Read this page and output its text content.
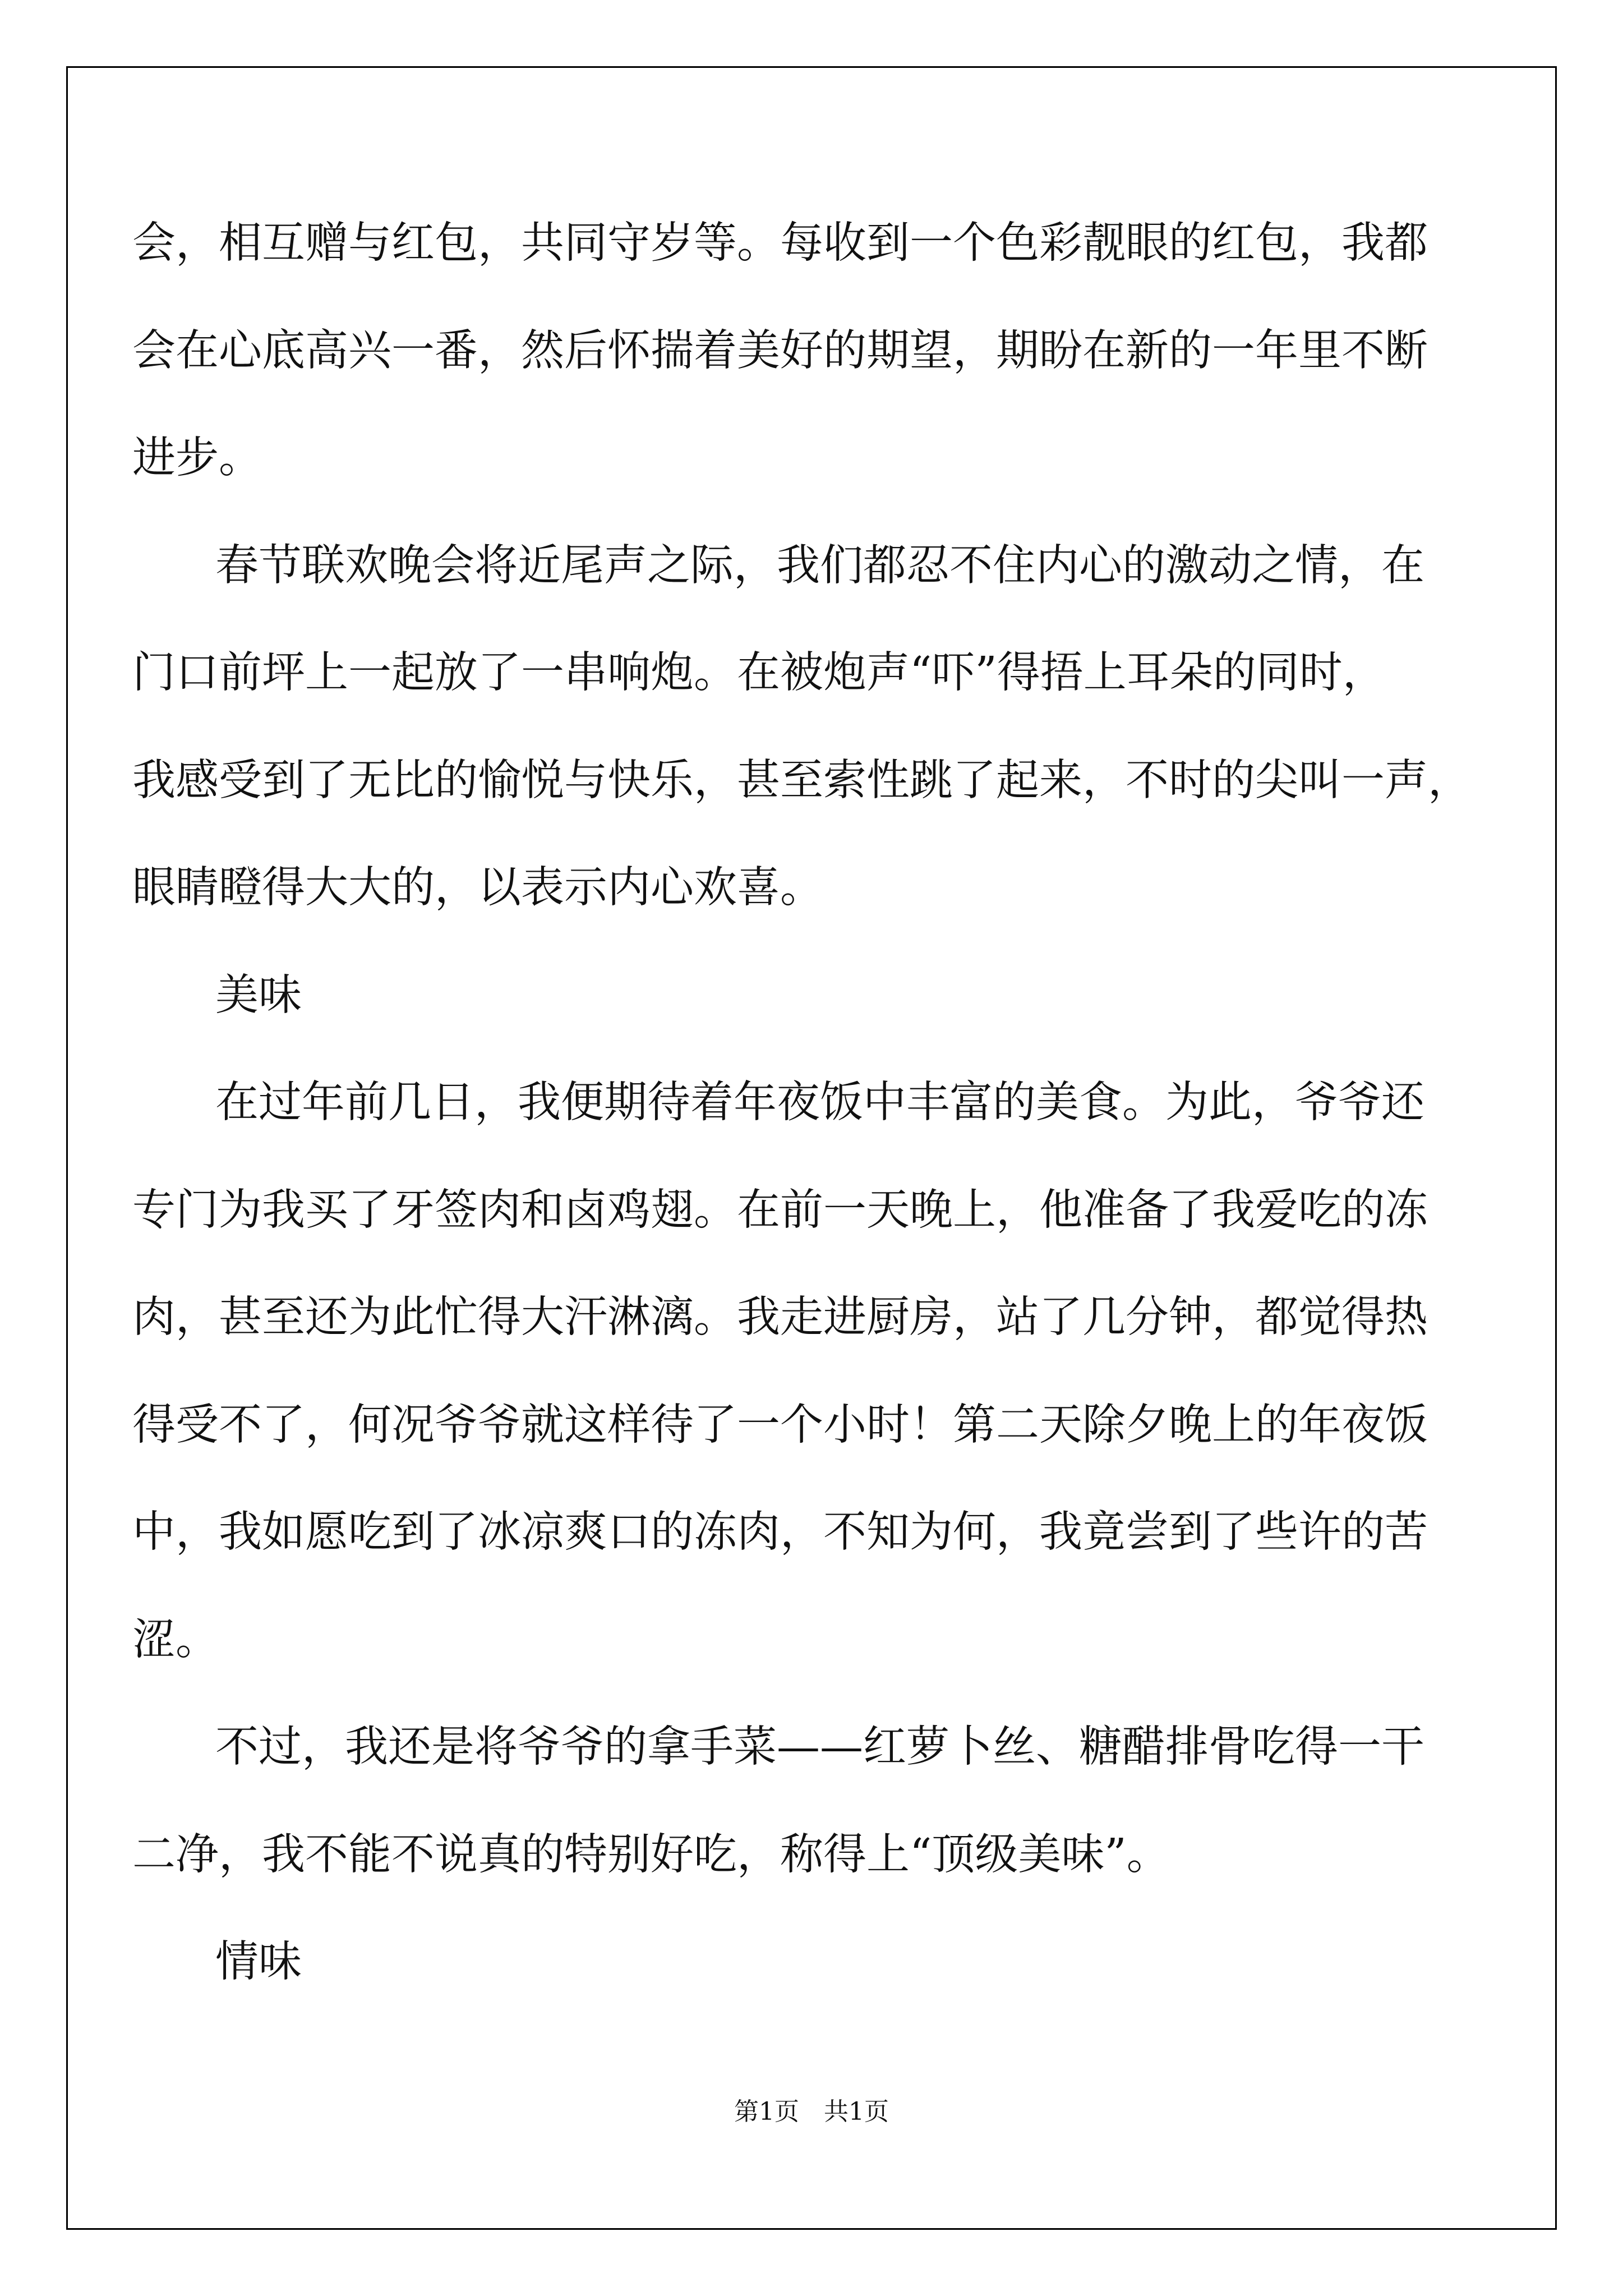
会，相互赠与红包，共同守岁等。每收到一个色彩靓眼的红包，我都
会在心底高兴一番，然后怀揣着美好的期望，期盼在新的一年里不断
进步。

春节联欢晚会将近尾声之际，我们都忍不住内心的激动之情，在
门口前坪上一起放了一串响炮。在被炮声“吓”得捂上耳朵的同时，
我感受到了无比的愉悦与快乐，甚至索性跳了起来，不时的尖叫一声，
眼睛瞪得大大的，以表示内心欢喜。

美味

在过年前几日，我便期待着年夜饭中丰富的美食。为此，爷爷还
专门为我买了牙签肉和卤鸡翅。在前一天晚上，他准备了我爱吃的冻
肉，甚至还为此忙得大汗淋漓。我走进厨房，站了几分钟，都觉得热
得受不了，何况爷爷就这样待了一个小时！第二天除夕晚上的年夜饭
中，我如愿吃到了冰凉爽口的冻肉，不知为何，我竟尝到了些许的苦
涩。

不过，我还是将爷爷的拿手菜——红萝卜丝、糖醋排骨吃得一干
二净，我不能不说真的特别好吃，称得上“顶级美味”。

情味

第1页　共1页
